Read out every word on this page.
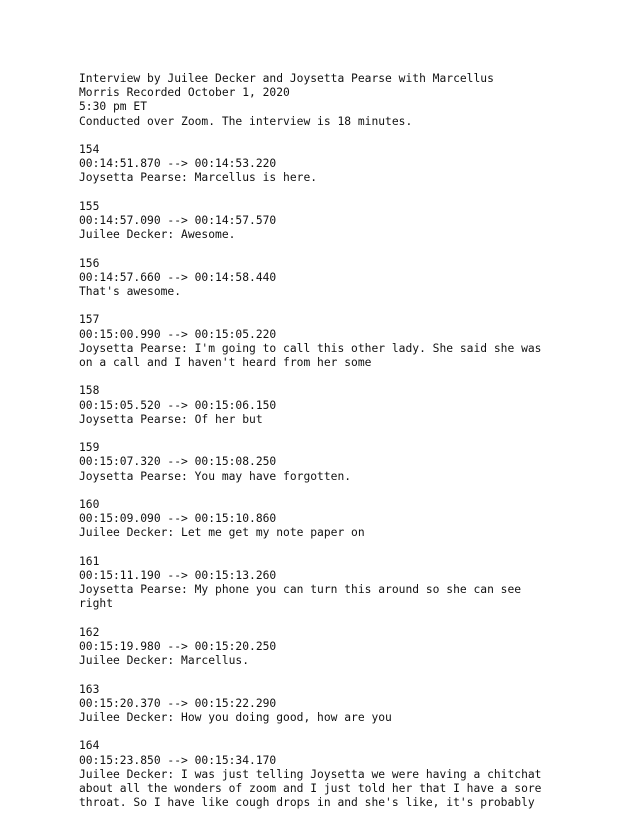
Interview by Juilee Decker and Joysetta Pearse with Marcellus
Morris Recorded October 1, 2020
5:30 pm ET
Conducted over Zoom. The interview is 18 minutes.
154
00:14:51.870 --> 00:14:53.220
Joysetta Pearse: Marcellus is here.
155
00:14:57.090 --> 00:14:57.570
Juilee Decker: Awesome.
156
00:14:57.660 --> 00:14:58.440
That's awesome.
157
00:15:00.990 --> 00:15:05.220
Joysetta Pearse: I'm going to call this other lady. She said she was
on a call and I haven't heard from her some
158
00:15:05.520 --> 00:15:06.150
Joysetta Pearse: Of her but
159
00:15:07.320 --> 00:15:08.250
Joysetta Pearse: You may have forgotten.
160
00:15:09.090 --> 00:15:10.860
Juilee Decker: Let me get my note paper on
161
00:15:11.190 --> 00:15:13.260
Joysetta Pearse: My phone you can turn this around so she can see
right
162
00:15:19.980 --> 00:15:20.250
Juilee Decker: Marcellus.
163
00:15:20.370 --> 00:15:22.290
Juilee Decker: How you doing good, how are you
164
00:15:23.850 --> 00:15:34.170
Juilee Decker: I was just telling Joysetta we were having a chitchat
about all the wonders of zoom and I just told her that I have a sore
throat. So I have like cough drops in and she's like, it's probably
